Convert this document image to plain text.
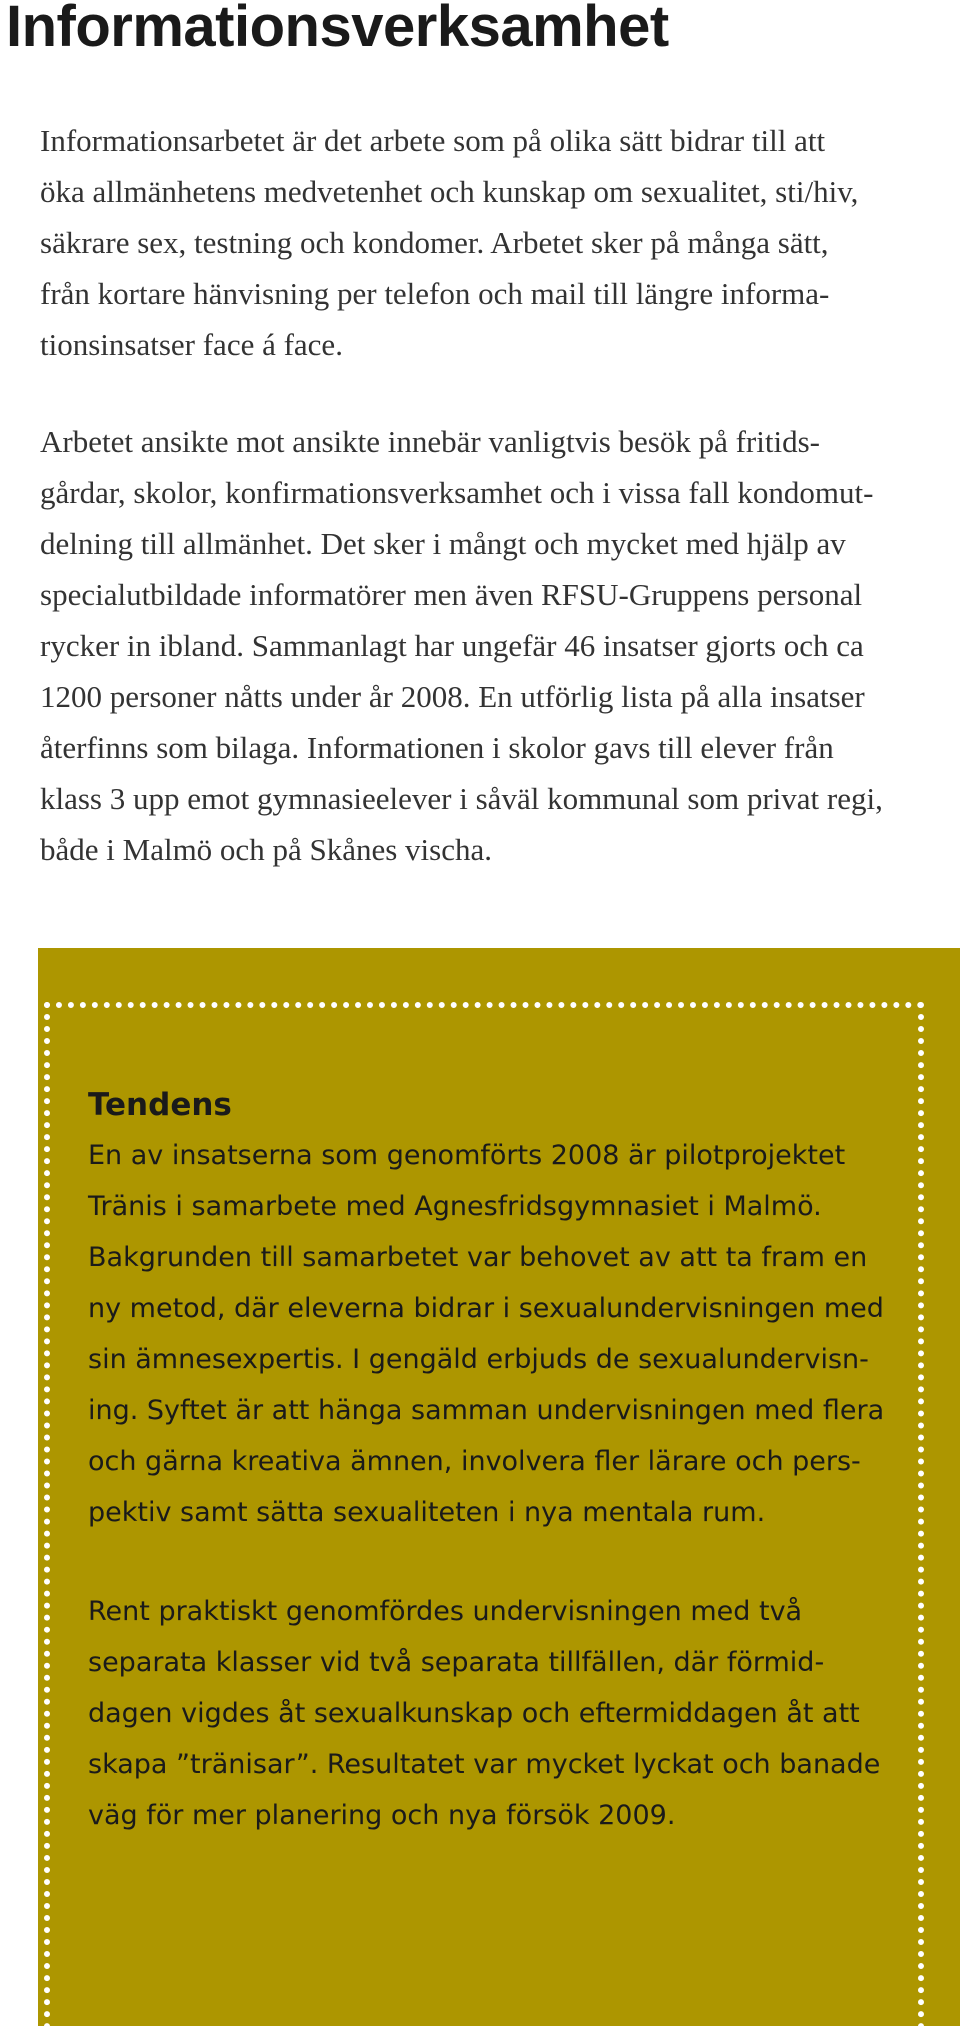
Informationsverksamhet

Informationsarbetet är det arbete som på olika sätt bidrar till att
öka allmänhetens medvetenhet och kunskap om sexualitet, sti/hiv,
säkrare sex, testning och kondomer. Arbetet sker på många sätt,
från kortare hänvisning per telefon och mail till längre informa-
tionsinsatser face á face.

Arbetet ansikte mot ansikte innebär vanligtvis besök på fritids-
gårdar, skolor, konfirmationsverksamhet och i vissa fall kondomut-
delning till allmänhet. Det sker i mångt och mycket med hjälp av
specialutbildade informatörer men även RFSU-Gruppens personal
rycker in ibland. Sammanlagt har ungefär 46 insatser gjorts och ca
1200 personer nåtts under år 2008. En utförlig lista på alla insatser
återfinns som bilaga. Informationen i skolor gavs till elever från
klass 3 upp emot gymnasieelever i såväl kommunal som privat regi,
både i Malmö och på Skånes vischa.

Tendens

En av insatserna som genomförts 2008 är pilotprojektet
Tränis i samarbete med Agnesfridsgymnasiet i Malmö.
Bakgrunden till samarbetet var behovet av att ta fram en
ny metod, där eleverna bidrar i sexualundervisningen med
sin ämnesexpertis. I gengäld erbjuds de sexualundervisn-
ing. Syftet är att hänga samman undervisningen med flera
och gärna kreativa ämnen, involvera fler lärare och pers-
pektiv samt sätta sexualiteten i nya mentala rum.

Rent praktiskt genomfördes undervisningen med två
separata klasser vid två separata tillfällen, där förmid-
dagen vigdes åt sexualkunskap och eftermiddagen åt att
skapa ”tränisar”. Resultatet var mycket lyckat och banade
väg för mer planering och nya försök 2009.
